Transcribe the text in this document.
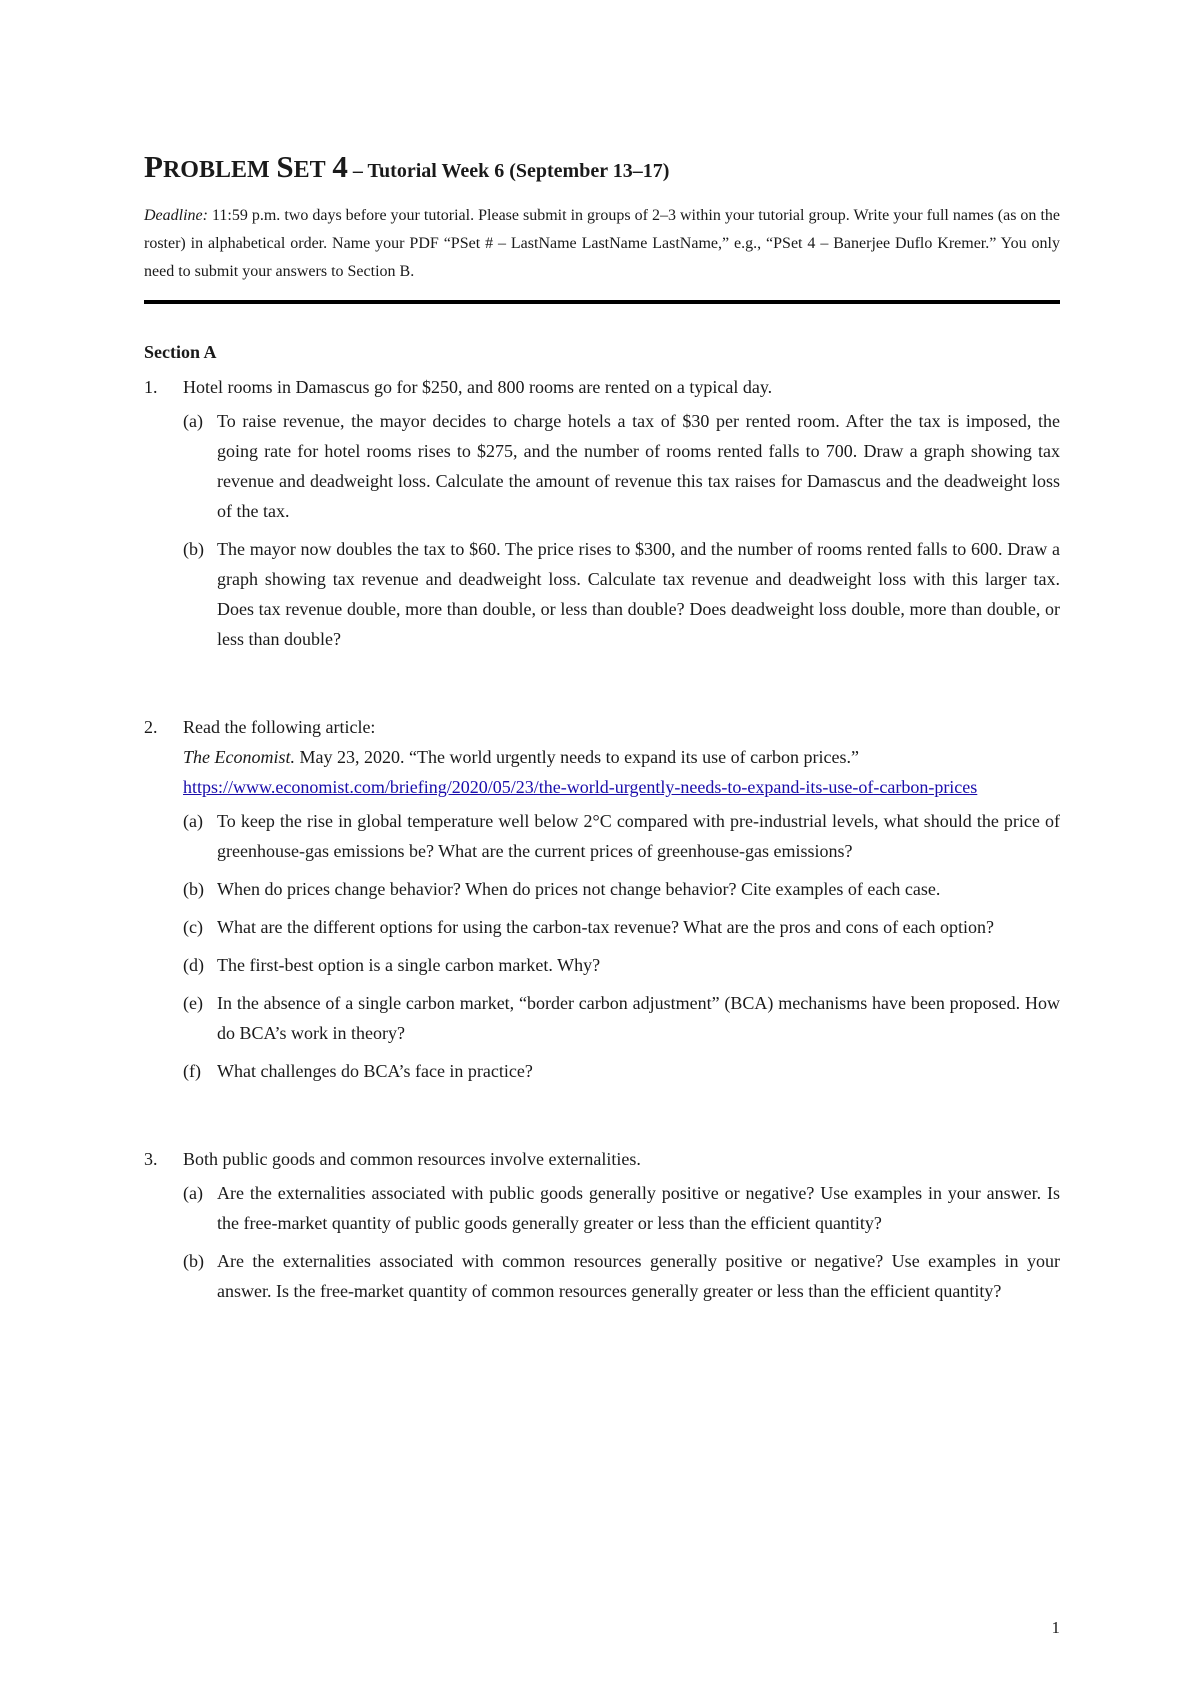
PROBLEM SET 4 – Tutorial Week 6 (September 13–17)
Deadline: 11:59 p.m. two days before your tutorial. Please submit in groups of 2–3 within your tutorial group. Write your full names (as on the roster) in alphabetical order. Name your PDF “PSet # – LastName LastName LastName,” e.g., “PSet 4 – Banerjee Duflo Kremer.” You only need to submit your answers to Section B.
Section A
1.	Hotel rooms in Damascus go for $250, and 800 rooms are rented on a typical day.
(a) To raise revenue, the mayor decides to charge hotels a tax of $30 per rented room. After the tax is imposed, the going rate for hotel rooms rises to $275, and the number of rooms rented falls to 700. Draw a graph showing tax revenue and deadweight loss. Calculate the amount of revenue this tax raises for Damascus and the deadweight loss of the tax.
(b) The mayor now doubles the tax to $60. The price rises to $300, and the number of rooms rented falls to 600. Draw a graph showing tax revenue and deadweight loss. Calculate tax revenue and deadweight loss with this larger tax. Does tax revenue double, more than double, or less than double? Does deadweight loss double, more than double, or less than double?
2.	Read the following article:
The Economist. May 23, 2020. “The world urgently needs to expand its use of carbon prices.”
https://www.economist.com/briefing/2020/05/23/the-world-urgently-needs-to-expand-its-use-of-carbon-prices
(a) To keep the rise in global temperature well below 2°C compared with pre-industrial levels, what should the price of greenhouse-gas emissions be? What are the current prices of greenhouse-gas emissions?
(b) When do prices change behavior? When do prices not change behavior? Cite examples of each case.
(c) What are the different options for using the carbon-tax revenue? What are the pros and cons of each option?
(d) The first-best option is a single carbon market. Why?
(e) In the absence of a single carbon market, “border carbon adjustment” (BCA) mechanisms have been proposed. How do BCA’s work in theory?
(f) What challenges do BCA’s face in practice?
3.	Both public goods and common resources involve externalities.
(a) Are the externalities associated with public goods generally positive or negative? Use examples in your answer. Is the free-market quantity of public goods generally greater or less than the efficient quantity?
(b) Are the externalities associated with common resources generally positive or negative? Use examples in your answer. Is the free-market quantity of common resources generally greater or less than the efficient quantity?
1
